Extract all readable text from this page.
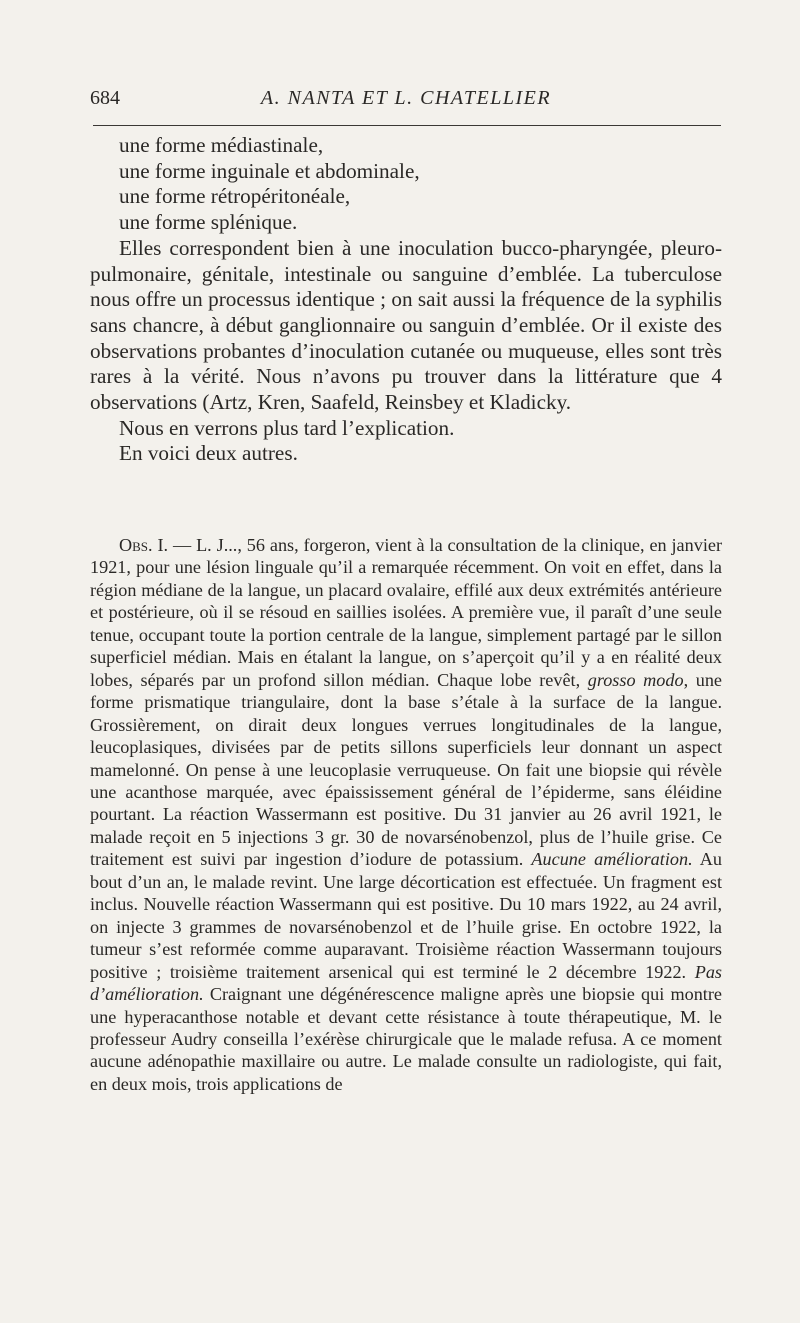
684	A. NANTA ET L. CHATELLIER

une forme médiastinale,

une forme inguinale et abdominale,

une forme rétropéritonéale,

une forme splénique.

Elles correspondent bien à une inoculation bucco-pharyngée, pleuro-pulmonaire, génitale, intestinale ou sanguine d’emblée. La tuberculose nous offre un processus identique ; on sait aussi la fréquence de la syphilis sans chancre, à début ganglionnaire ou sanguin d’emblée. Or il existe des observations probantes d’inoculation cutanée ou muqueuse, elles sont très rares à la vérité. Nous n’avons pu trouver dans la littérature que 4 observations (Artz, Kren, Saafeld, Reinsbey et Kladicky.

Nous en verrons plus tard l’explication.

En voici deux autres.

Obs. I. — L. J..., 56 ans, forgeron, vient à la consultation de la clinique, en janvier 1921, pour une lésion linguale qu’il a remarquée récemment. On voit en effet, dans la région médiane de la langue, un placard ovalaire, effilé aux deux extrémités antérieure et postérieure, où il se résoud en saillies isolées. A première vue, il paraît d’une seule tenue, occupant toute la portion centrale de la langue, simplement partagé par le sillon superficiel médian. Mais en étalant la langue, on s’aperçoit qu’il y a en réalité deux lobes, séparés par un profond sillon médian. Chaque lobe revêt, grosso modo, une forme prismatique triangulaire, dont la base s’étale à la surface de la langue. Grossièrement, on dirait deux longues verrues longitudinales de la langue, leucoplasiques, divisées par de petits sillons superficiels leur donnant un aspect mamelonné. On pense à une leucoplasie verruqueuse. On fait une biopsie qui révèle une acanthose marquée, avec épaississement général de l’épiderme, sans éléidine pourtant. La réaction Wassermann est positive. Du 31 janvier au 26 avril 1921, le malade reçoit en 5 injections 3 gr. 30 de novarsénobenzol, plus de l’huile grise. Ce traitement est suivi par ingestion d’iodure de potassium. Aucune amélioration. Au bout d’un an, le malade revint. Une large décortication est effectuée. Un fragment est inclus. Nouvelle réaction Wassermann qui est positive. Du 10 mars 1922, au 24 avril, on injecte 3 grammes de novarsénobenzol et de l’huile grise. En octobre 1922, la tumeur s’est reformée comme auparavant. Troisième réaction Wassermann toujours positive ; troisième traitement arsenical qui est terminé le 2 décembre 1922. Pas d’amélioration. Craignant une dégénérescence maligne après une biopsie qui montre une hyperacanthose notable et devant cette résistance à toute thérapeutique, M. le professeur Audry conseilla l’exérèse chirurgicale que le malade refusa. A ce moment aucune adénopathie maxillaire ou autre. Le malade consulte un radiologiste, qui fait, en deux mois, trois applications de
